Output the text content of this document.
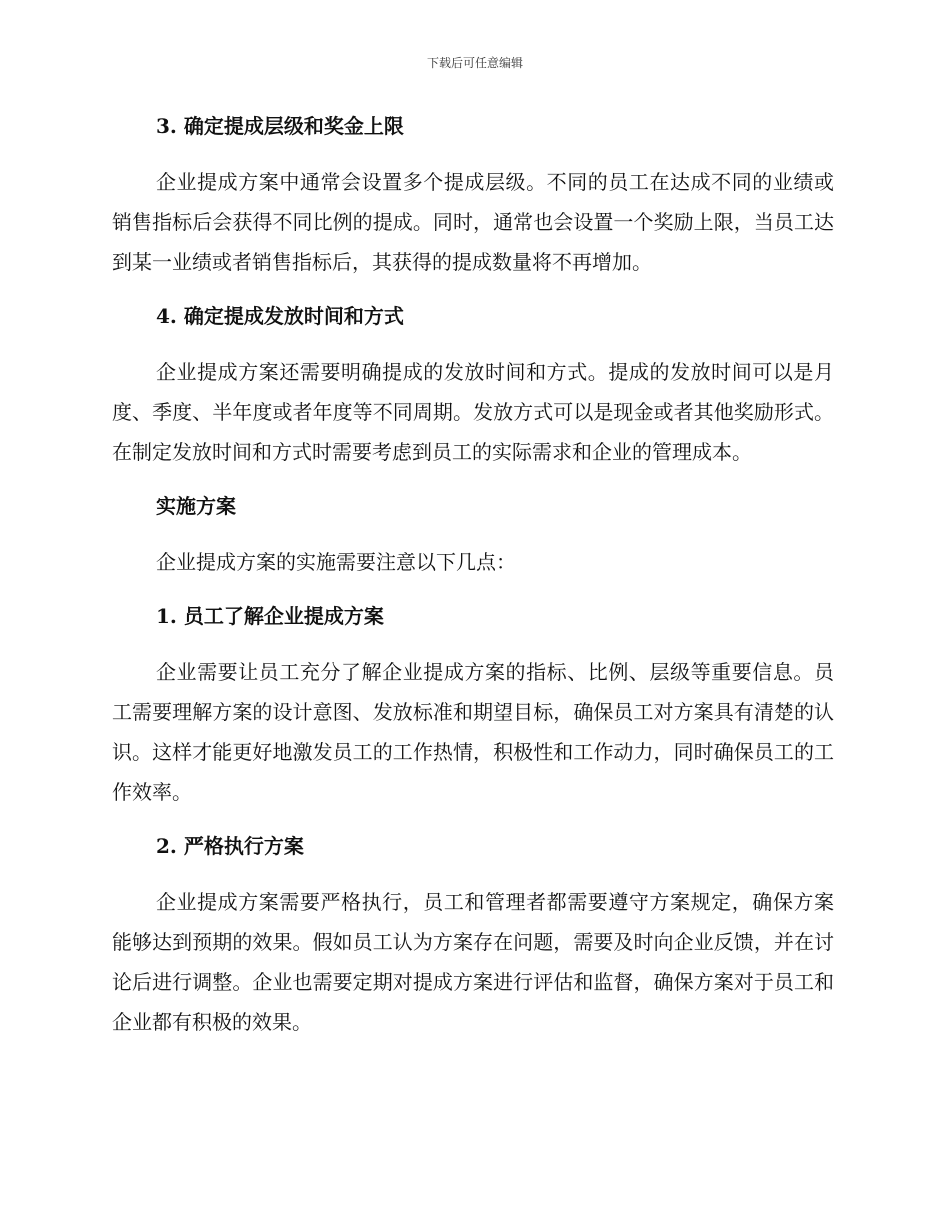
下载后可任意编辑
3. 确定提成层级和奖金上限

企业提成方案中通常会设置多个提成层级。不同的员工在达成不同的业绩或销售指标后会获得不同比例的提成。同时，通常也会设置一个奖励上限，当员工达到某一业绩或者销售指标后，其获得的提成数量将不再增加。

4. 确定提成发放时间和方式

企业提成方案还需要明确提成的发放时间和方式。提成的发放时间可以是月度、季度、半年度或者年度等不同周期。发放方式可以是现金或者其他奖励形式。在制定发放时间和方式时需要考虑到员工的实际需求和企业的管理成本。

实施方案

企业提成方案的实施需要注意以下几点：

1. 员工了解企业提成方案

企业需要让员工充分了解企业提成方案的指标、比例、层级等重要信息。员工需要理解方案的设计意图、发放标准和期望目标，确保员工对方案具有清楚的认识。这样才能更好地激发员工的工作热情，积极性和工作动力，同时确保员工的工作效率。

2. 严格执行方案

企业提成方案需要严格执行，员工和管理者都需要遵守方案规定，确保方案能够达到预期的效果。假如员工认为方案存在问题，需要及时向企业反馈，并在讨论后进行调整。企业也需要定期对提成方案进行评估和监督，确保方案对于员工和企业都有积极的效果。
